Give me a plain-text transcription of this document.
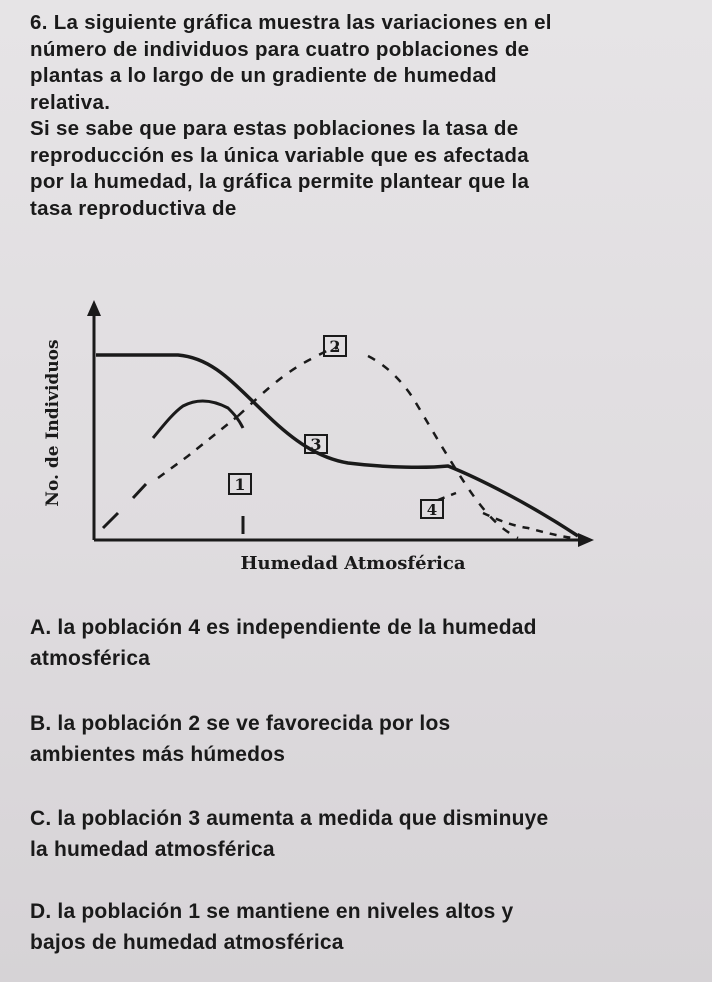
6. La siguiente gráfica muestra las variaciones en el
número de individuos para cuatro poblaciones de
plantas a lo largo de un gradiente de humedad
relativa.
Si se sabe que para estas poblaciones la tasa de
reproducción es la única variable que es afectada
por la humedad, la gráfica permite plantear que la
tasa reproductiva de

2
3
1
4
No. de Individuos
Humedad Atmosférica

A. la población 4 es independiente de la humedad
atmosférica

B. la población 2 se ve favorecida por los
ambientes más húmedos

C. la población 3 aumenta a medida que disminuye
la humedad atmosférica

D. la población 1 se mantiene en niveles altos y
bajos de humedad atmosférica
